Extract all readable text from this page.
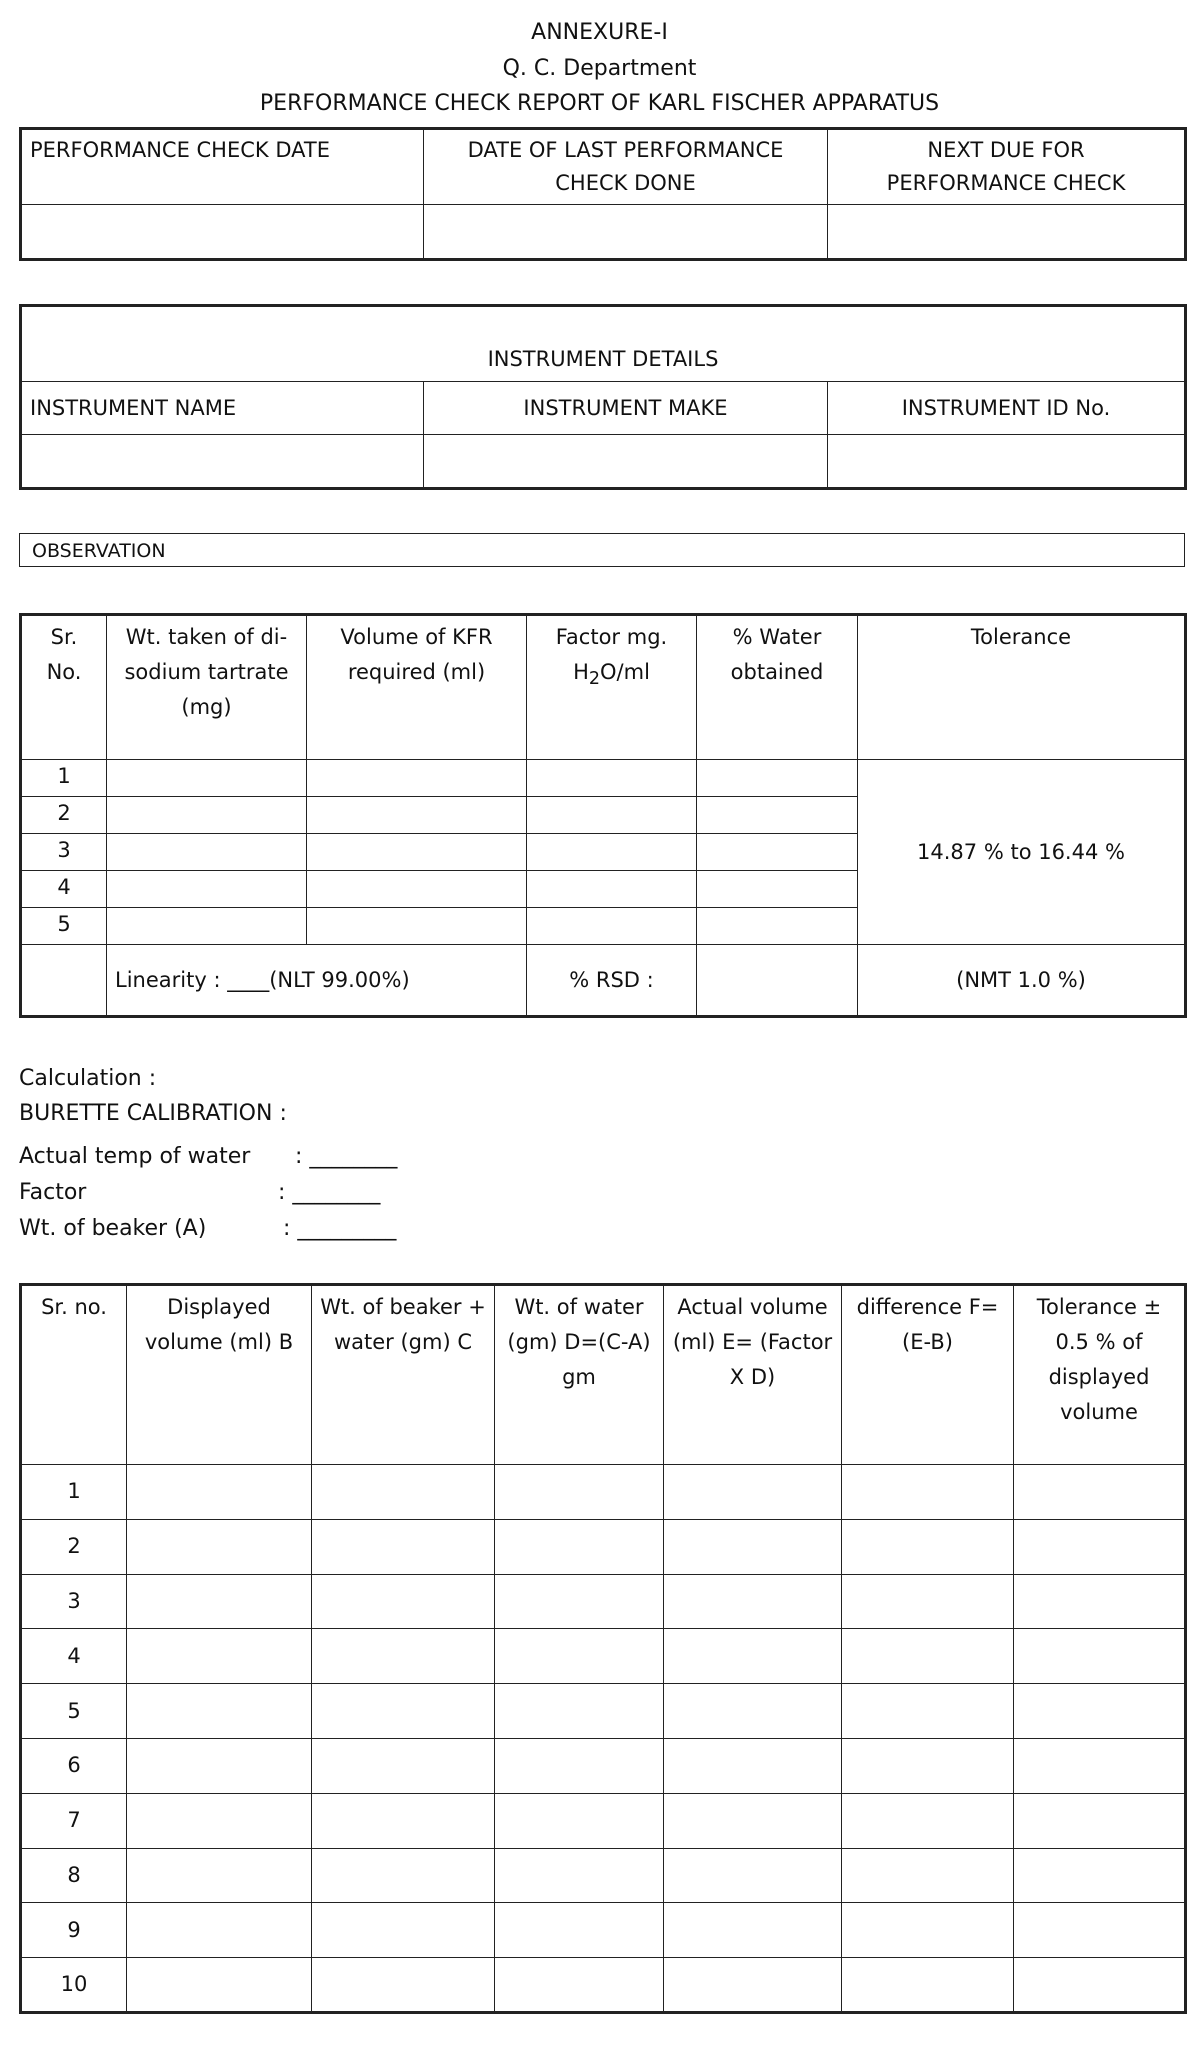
ANNEXURE-I
Q. C. Department
PERFORMANCE CHECK REPORT OF KARL FISCHER APPARATUS
PERFORMANCE CHECK DATE	DATE OF LAST PERFORMANCE CHECK DONE	NEXT DUE FOR PERFORMANCE CHECK

INSTRUMENT DETAILS		
INSTRUMENT NAME	INSTRUMENT MAKE	INSTRUMENT ID No.

OBSERVATION
Sr. No.	Wt. taken of di-sodium tartrate (mg)	Volume of KFR required (ml)	Factor mg. $H_2O/ml$	% Water obtained	Tolerance
1					14.87 % to 16.44 %
2					
3					
4					
5					
	Linearity : ____(NLT 99.00%)		% RSD :		(NMT 1.0 %)
Calculation :
BURETTE CALIBRATION :
Actual temp of water : ________
Factor	: ________
Wt. of beaker (A)	: _________
Sr. no.	Displayed volume (ml) B	Wt. of beaker + water (gm) C	Wt. of water (gm) D=(C-A) gm	Actual volume (ml) E= (Factor X D)	difference F=(E-B)	Tolerance ± 0.5 % of displayed volume
1						
2						
3						
4						
5						
6						
7						
8						
9						
10						
